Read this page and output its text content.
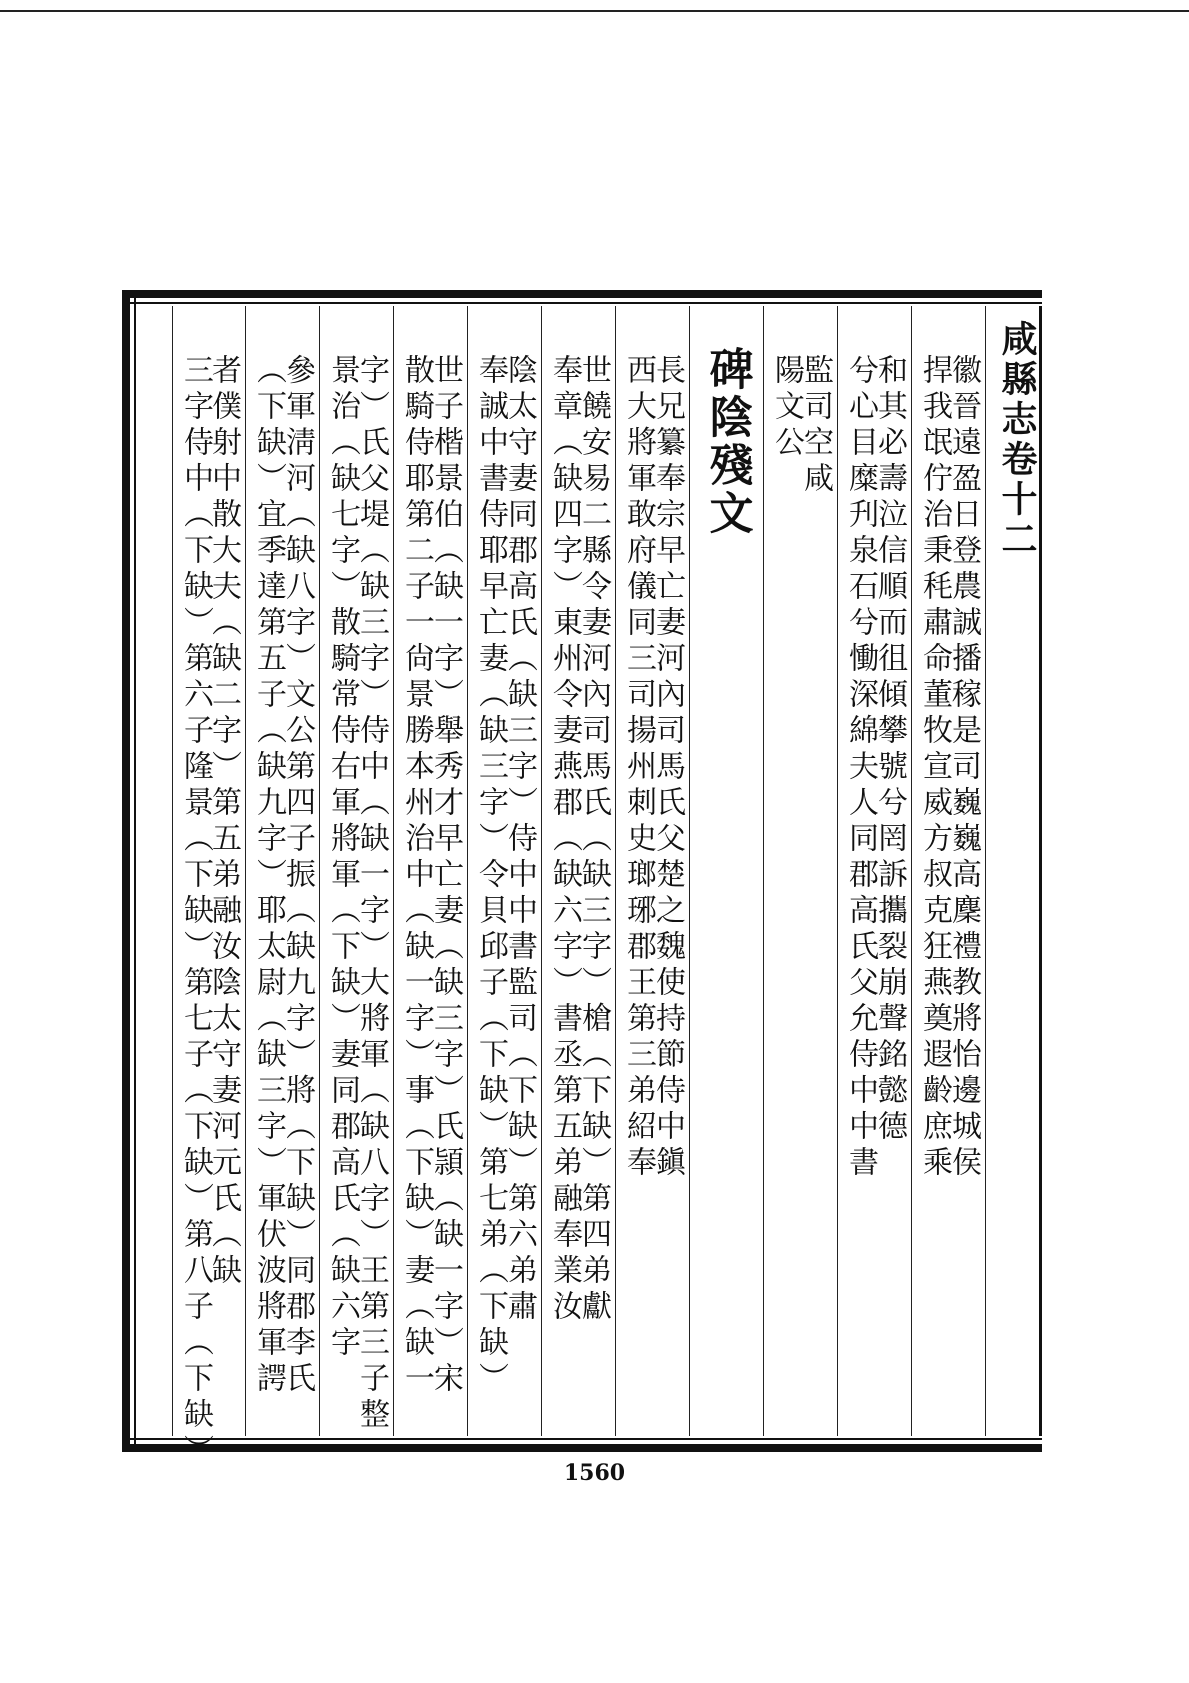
咸縣志卷十二
徽晉遠盈日登農誠播稼是司巍巍高麇禮教將怡邊城侯
捍我氓佇治秉秏肅命董牧宣威方叔克狂燕奠遐齡庶乘
和其必壽泣信順而徂傾攀號兮罔訴攜裂崩聲銘懿德
兮心目糜刋泉石兮慟深綿夫人同郡高氏父允侍中中書
監司空咸
陽文公
碑陰殘文
長兄纂奉宗早亡妻河內司馬氏父楚之魏使持節侍中鎭
西大將軍敢府儀同三司揚州刺史瑯琊郡王第三弟紹奉
世饒安易二縣令妻河內司馬氏（缺三字）槍（下缺）第四弟獻
奉章（缺四字）東州令妻燕郡（缺六字）書丞第五弟融奉業汝
陰太守妻同郡高氏（缺三字）侍中中書監司（下缺）第六弟肅
奉誠中書侍耶早亡妻（缺三字）令貝邱子（下缺）第七弟（下缺）
世子楷景伯（缺一字）舉秀才早亡妻（缺三字）氏頴（缺一字）宋
散騎侍耶第二子一尙景勝本州治中（缺一字）事（下缺）妻（缺一
字）氏父堤（缺三字）侍中（缺一字）大將軍（缺八字）王第三子整
景治（缺七字）散騎常侍右軍將軍（下缺）妻同郡高氏（缺六字
參軍淸河（缺八字）文公第四子振（缺九字）將（下缺）同郡李氏
（下缺）宜季達第五子（缺九字）耶太尉（缺三字）軍伏波將軍諤
者僕射中散大夫（缺二字）第五弟融汝陰太守妻河元氏（缺
三字侍中（下缺）第六子隆景（下缺）第七子（下缺）第八子（下缺）
1560
